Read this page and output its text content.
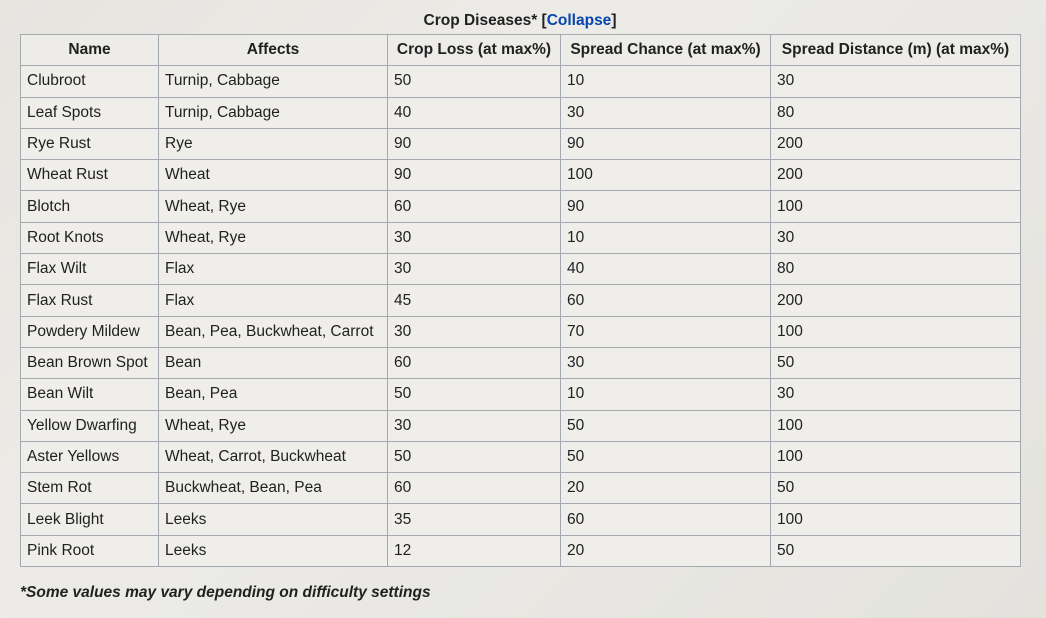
Crop Diseases* [Collapse]
Name	Affects	Crop Loss (at max%)	Spread Chance (at max%)	Spread Distance (m) (at max%)
Clubroot	Turnip, Cabbage	50	10	30
Leaf Spots	Turnip, Cabbage	40	30	80
Rye Rust	Rye	90	90	200
Wheat Rust	Wheat	90	100	200
Blotch	Wheat, Rye	60	90	100
Root Knots	Wheat, Rye	30	10	30
Flax Wilt	Flax	30	40	80
Flax Rust	Flax	45	60	200
Powdery Mildew	Bean, Pea, Buckwheat, Carrot	30	70	100
Bean Brown Spot	Bean	60	30	50
Bean Wilt	Bean, Pea	50	10	30
Yellow Dwarfing	Wheat, Rye	30	50	100
Aster Yellows	Wheat, Carrot, Buckwheat	50	50	100
Stem Rot	Buckwheat, Bean, Pea	60	20	50
Leek Blight	Leeks	35	60	100
Pink Root	Leeks	12	20	50
*Some values may vary depending on difficulty settings
